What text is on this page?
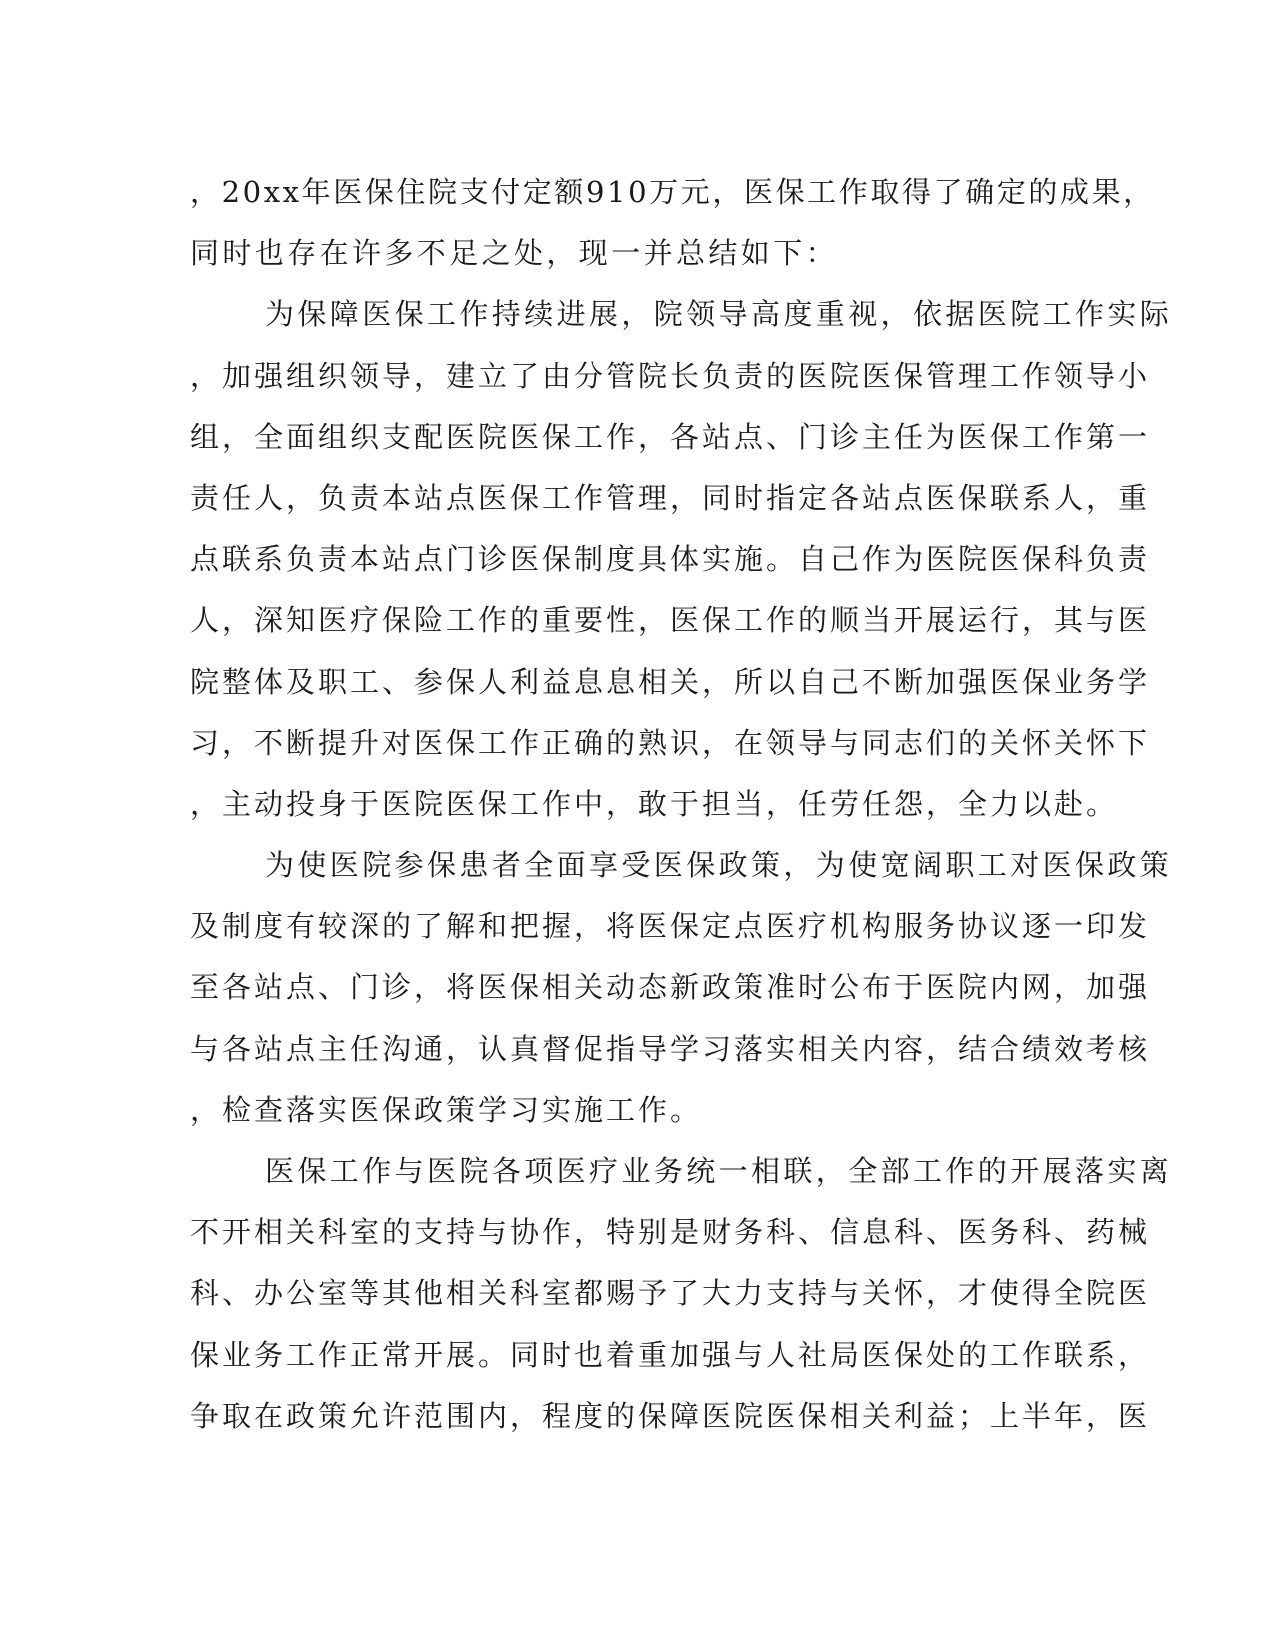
，20xx年医保住院支付定额910万元，医保工作取得了确定的成果，
同时也存在许多不足之处，现一并总结如下：
为保障医保工作持续进展，院领导高度重视，依据医院工作实际
，加强组织领导，建立了由分管院长负责的医院医保管理工作领导小
组，全面组织支配医院医保工作，各站点、门诊主任为医保工作第一
责任人，负责本站点医保工作管理，同时指定各站点医保联系人，重
点联系负责本站点门诊医保制度具体实施。自己作为医院医保科负责
人，深知医疗保险工作的重要性，医保工作的顺当开展运行，其与医
院整体及职工、参保人利益息息相关，所以自己不断加强医保业务学
习，不断提升对医保工作正确的熟识，在领导与同志们的关怀关怀下
，主动投身于医院医保工作中，敢于担当，任劳任怨，全力以赴。
为使医院参保患者全面享受医保政策，为使宽阔职工对医保政策
及制度有较深的了解和把握，将医保定点医疗机构服务协议逐一印发
至各站点、门诊，将医保相关动态新政策准时公布于医院内网，加强
与各站点主任沟通，认真督促指导学习落实相关内容，结合绩效考核
，检查落实医保政策学习实施工作。
医保工作与医院各项医疗业务统一相联，全部工作的开展落实离
不开相关科室的支持与协作，特别是财务科、信息科、医务科、药械
科、办公室等其他相关科室都赐予了大力支持与关怀，才使得全院医
保业务工作正常开展。同时也着重加强与人社局医保处的工作联系，
争取在政策允许范围内，程度的保障医院医保相关利益；上半年，医
